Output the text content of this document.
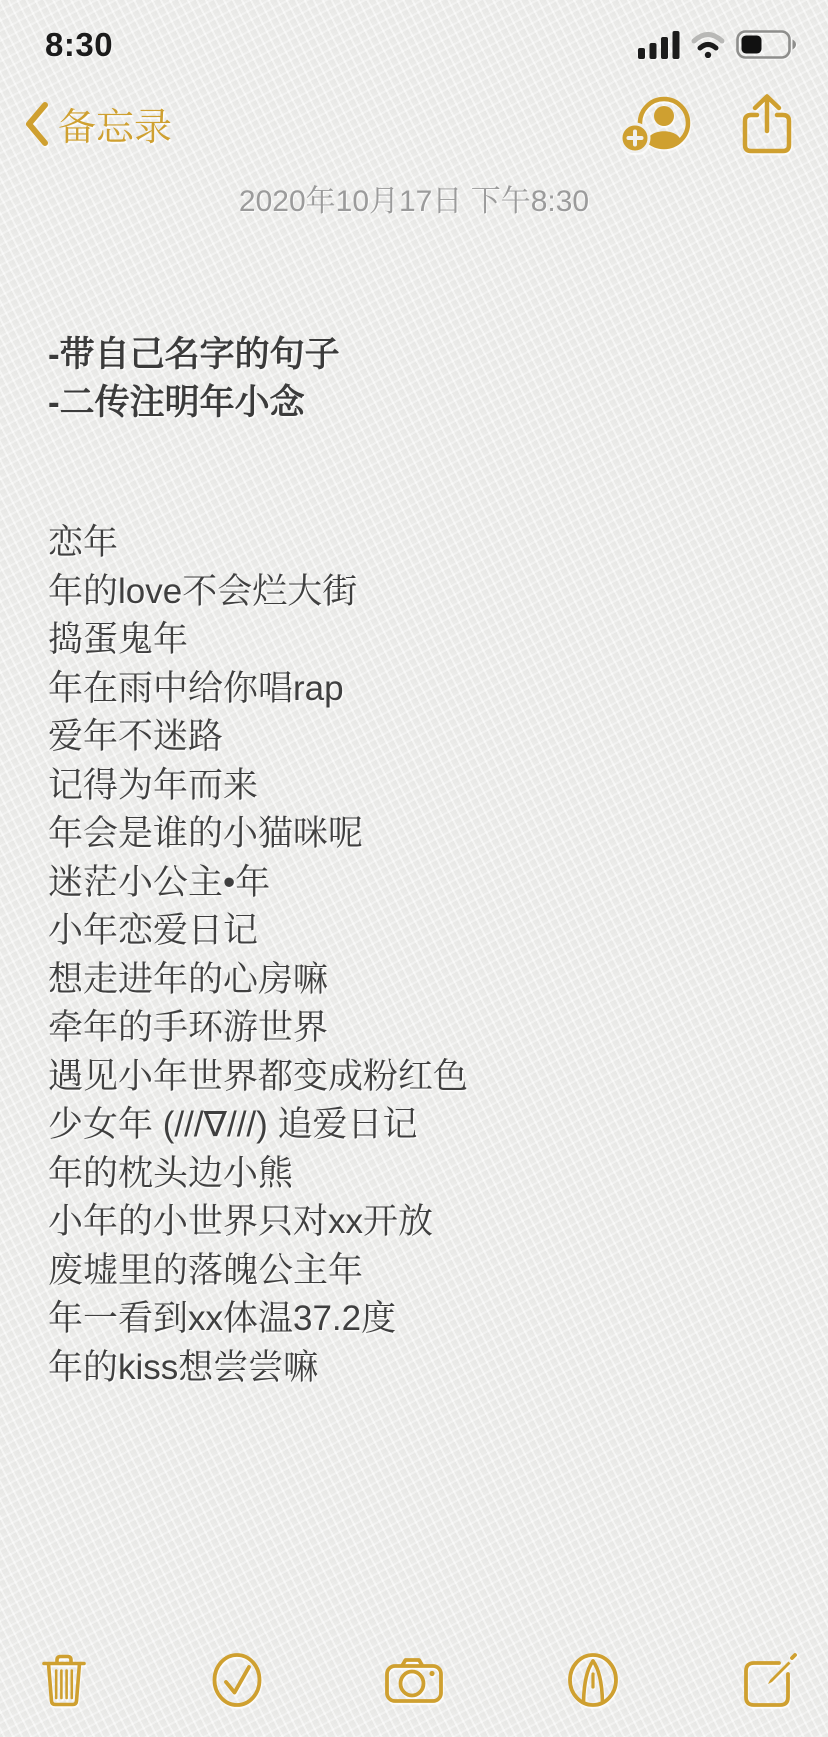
8:30
备忘录
2020年10月17日 下午8:30
-带自己名字的句子
-二传注明年小念
恋年
年的love不会烂大街
捣蛋鬼年
年在雨中给你唱rap
爱年不迷路
记得为年而来
年会是谁的小猫咪呢
迷茫小公主•年
小年恋爱日记
想走进年的心房嘛
牵年的手环游世界
遇见小年世界都变成粉红色
少女年 (///∇///) 追爱日记
年的枕头边小熊
小年的小世界只对xx开放
废墟里的落魄公主年
年一看到xx体温37.2度
年的kiss想尝尝嘛
